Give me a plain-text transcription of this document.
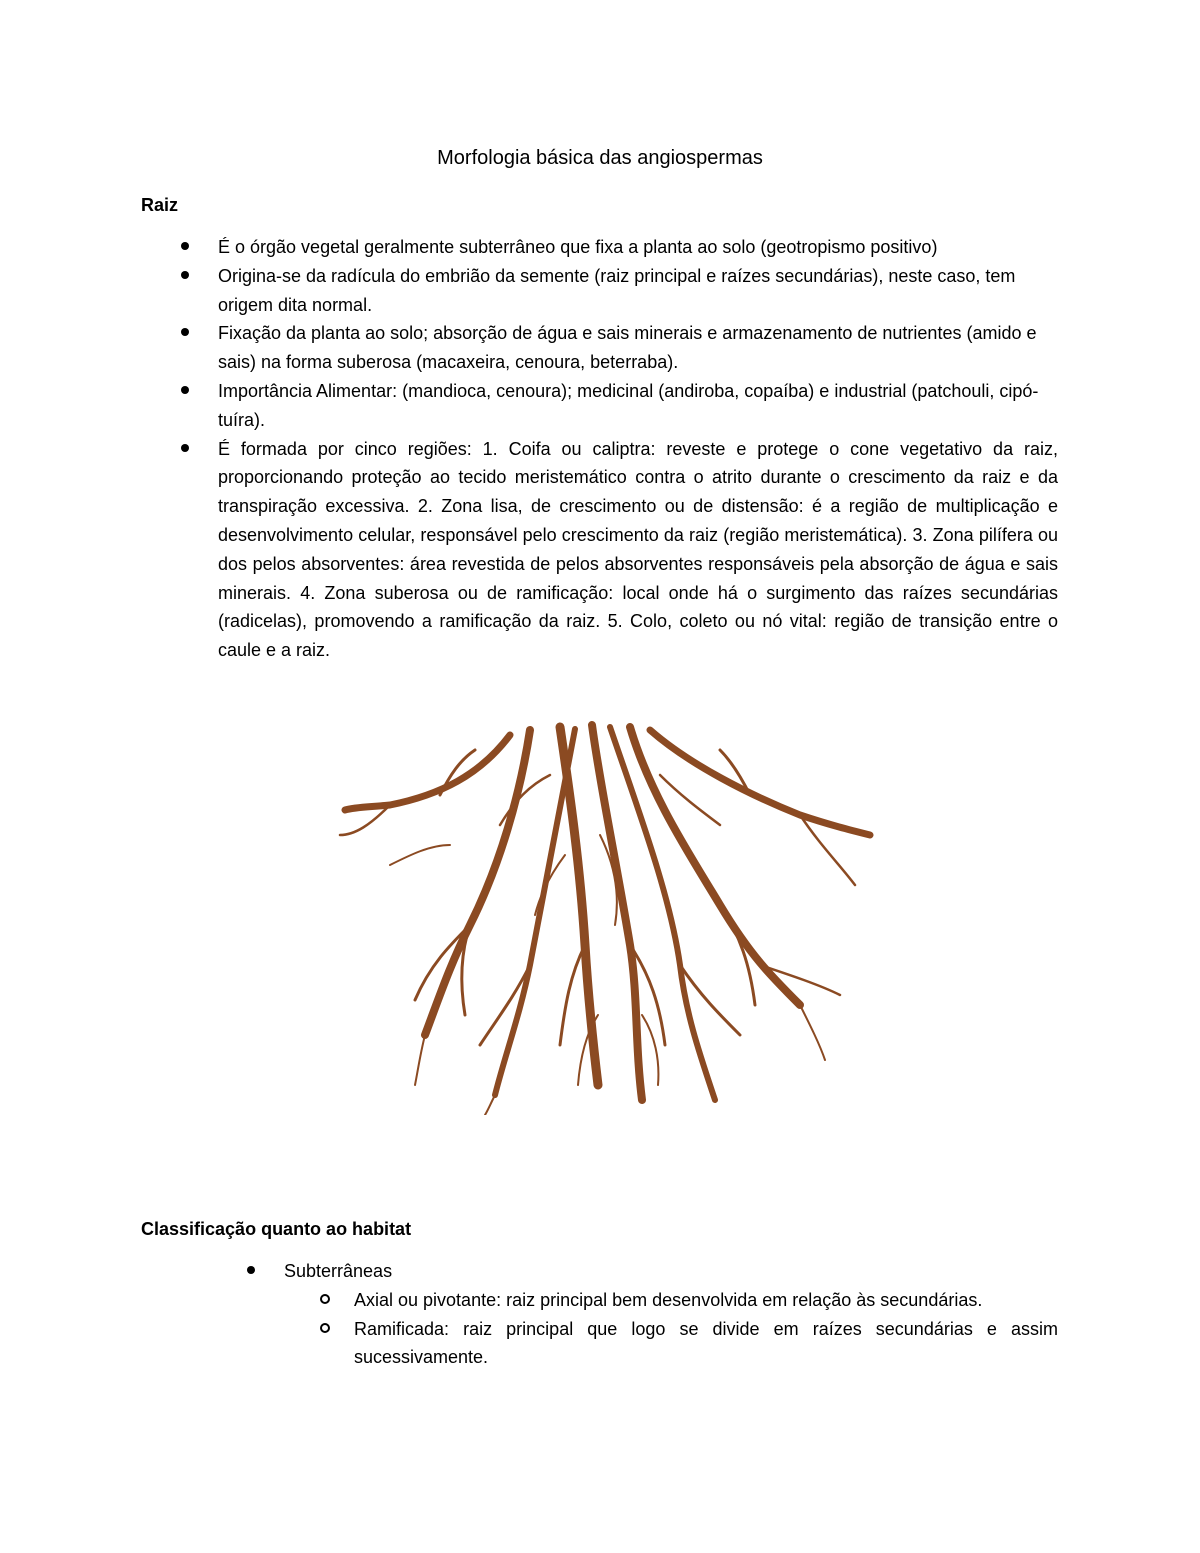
Morfologia básica das angiospermas
Raiz
É o órgão vegetal geralmente subterrâneo que fixa a planta ao solo (geotropismo positivo)
Origina-se da radícula do embrião da semente (raiz principal e raízes secundárias), neste caso, tem origem dita normal.
Fixação da planta ao solo; absorção de água e sais minerais e armazenamento de nutrientes (amido e sais) na forma suberosa (macaxeira, cenoura, beterraba).
Importância Alimentar: (mandioca, cenoura); medicinal (andiroba, copaíba) e industrial (patchouli, cipó-tuíra).
É formada por cinco regiões: 1. Coifa ou caliptra: reveste e protege o cone vegetativo da raiz, proporcionando proteção ao tecido meristemático contra o atrito durante o crescimento da raiz e da transpiração excessiva. 2. Zona lisa, de crescimento ou de distensão: é a região de multiplicação e desenvolvimento celular, responsável pelo crescimento da raiz (região meristemática). 3. Zona pilífera ou dos pelos absorventes: área revestida de pelos absorventes responsáveis pela absorção de água e sais minerais. 4. Zona suberosa ou de ramificação: local onde há o surgimento das raízes secundárias (radicelas), promovendo a ramificação da raiz. 5. Colo, coleto ou nó vital: região de transição entre o caule e a raiz.
Classificação quanto ao habitat
Subterrâneas
Axial ou pivotante: raiz principal bem desenvolvida em relação às secundárias.
Ramificada: raiz principal que logo se divide em raízes secundárias e assim sucessivamente.
